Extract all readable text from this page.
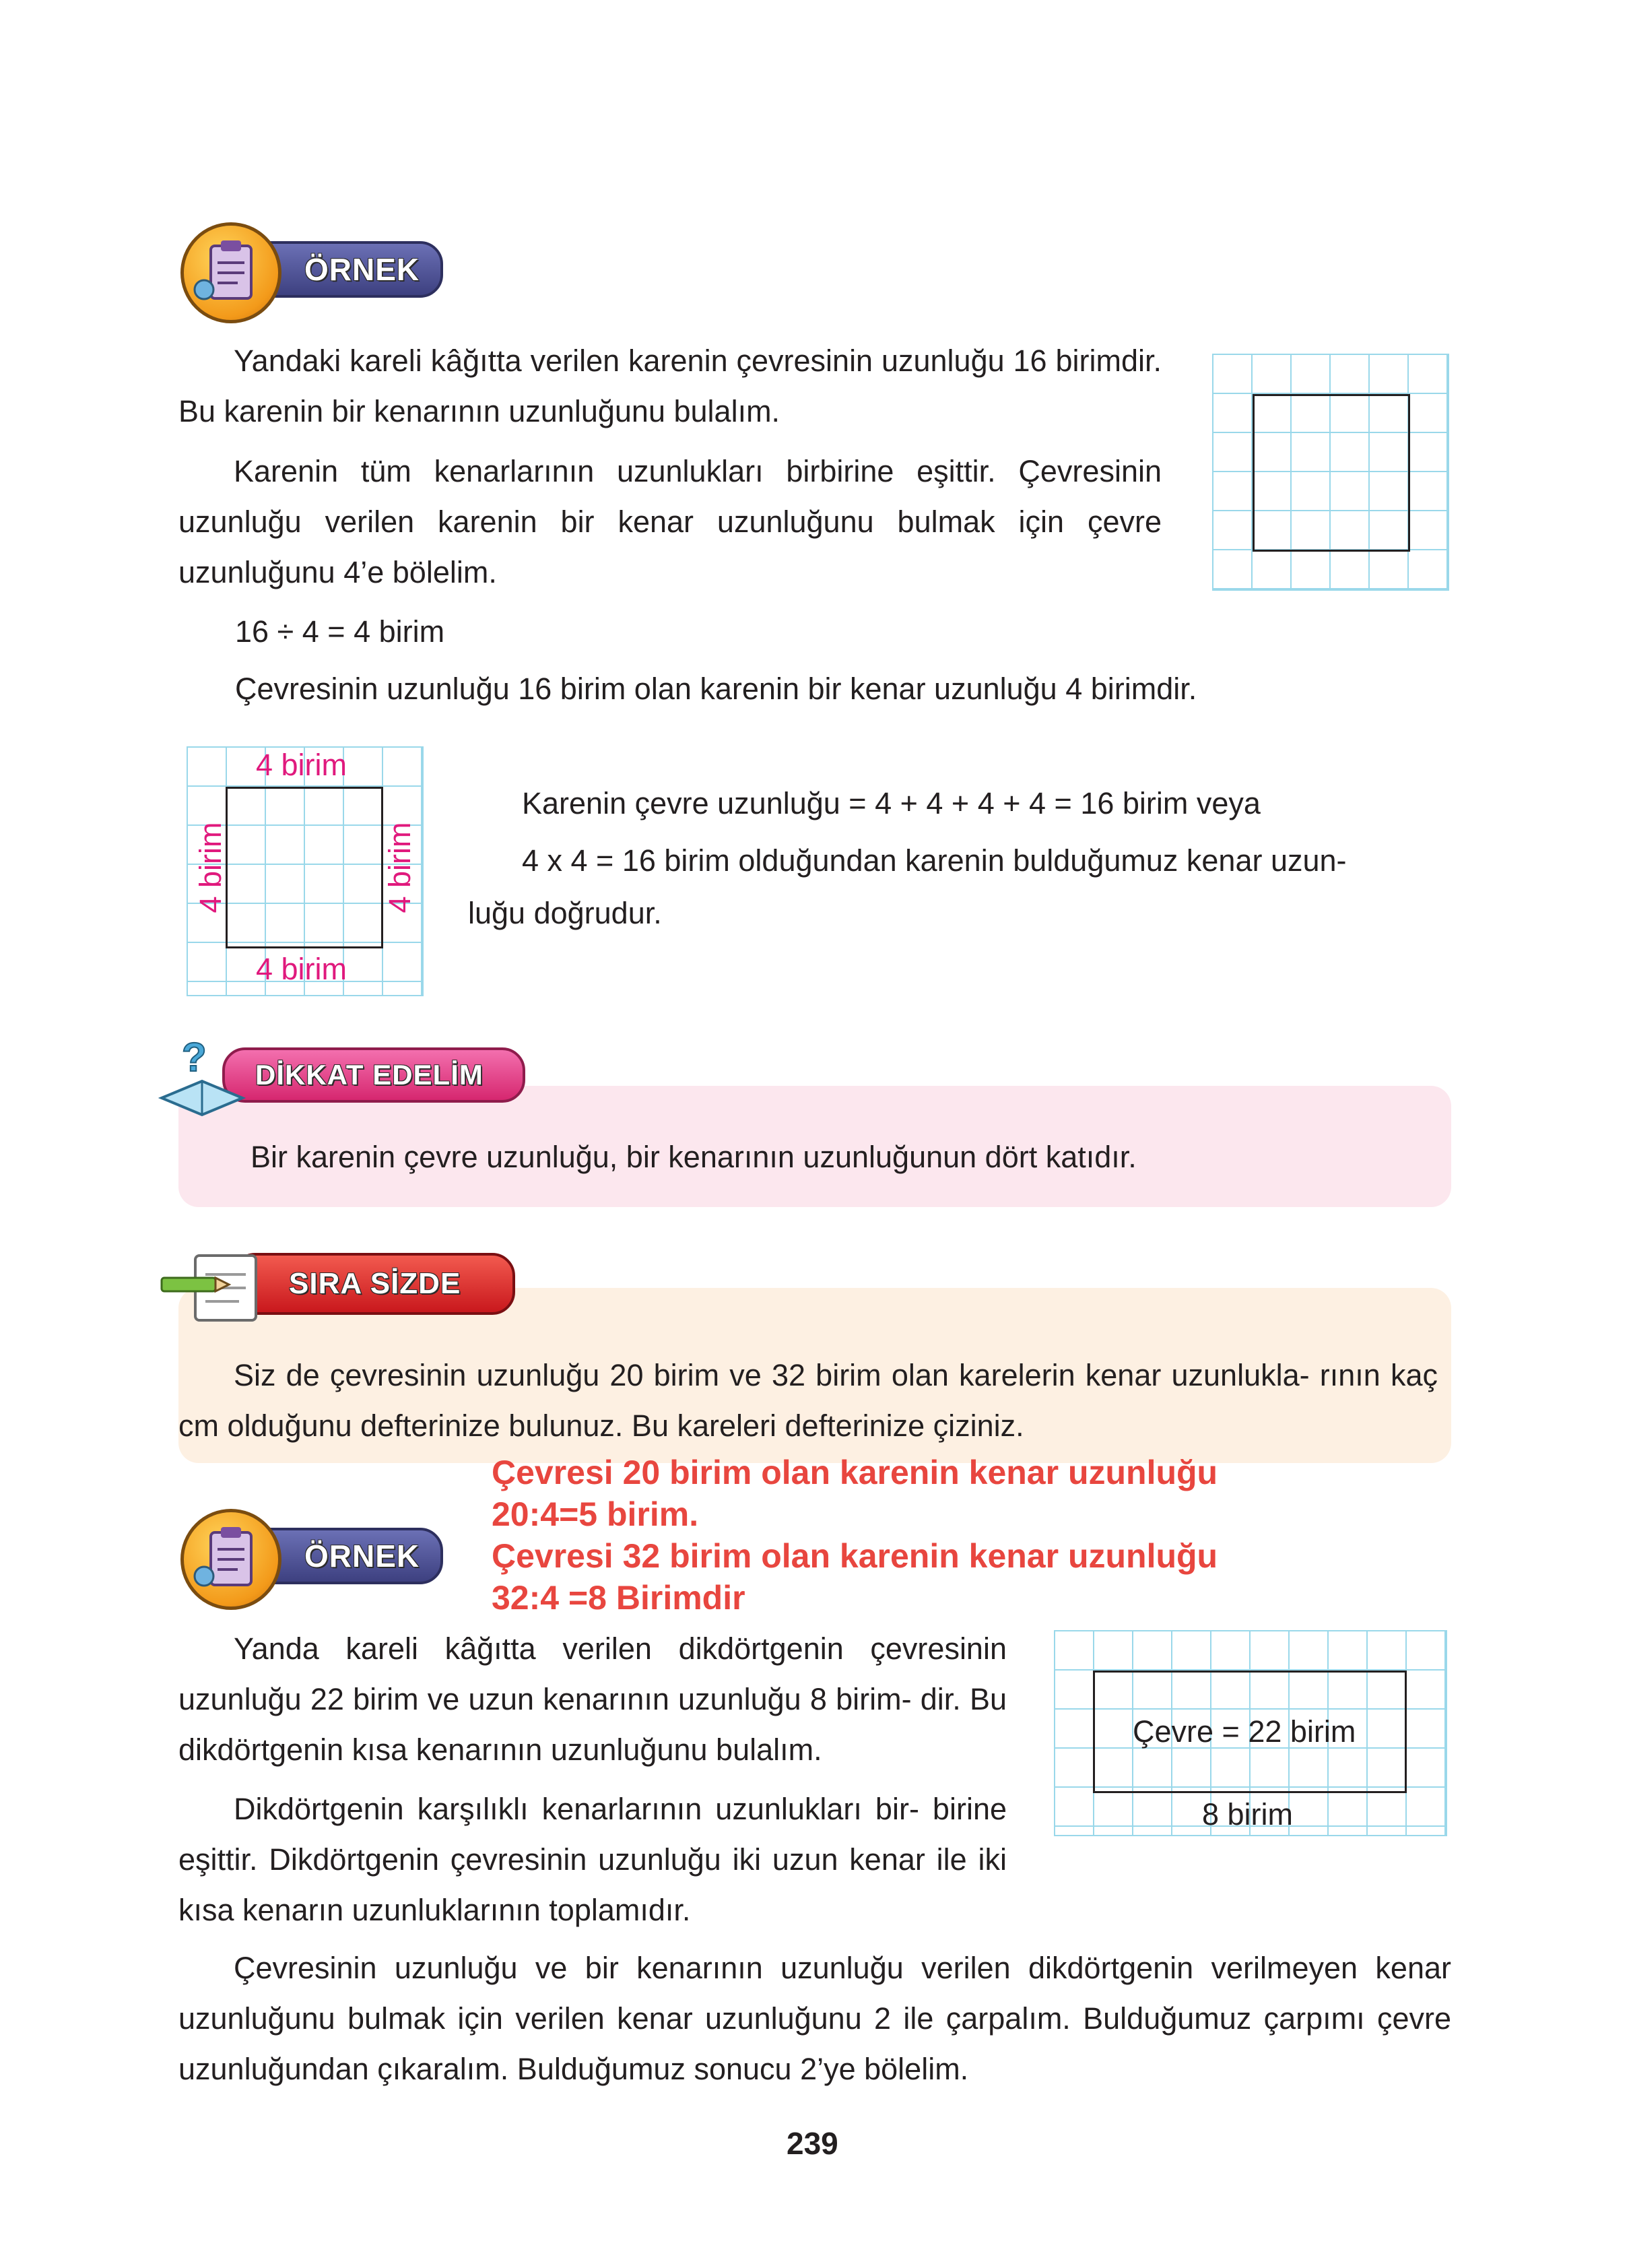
ÖRNEK

Yandaki kareli kâğıtta verilen karenin çevresinin uzunluğu 16 birimdir. Bu karenin bir kenarının uzunluğunu bulalım.

Karenin tüm kenarlarının uzunlukları birbirine eşittir. Çevresinin uzunluğu verilen karenin bir kenar uzunluğunu bulmak için çevre uzunluğunu 4’e bölelim.

16 ÷ 4 = 4 birim
Çevresinin uzunluğu 16 birim olan karenin bir kenar uzunluğu 4 birimdir.
4 birim
4 birim
4 birim	4 birim
Karenin çevre uzunluğu = 4 + 4 + 4 + 4 = 16 birim veya
4 x 4 = 16 birim olduğundan karenin bulduğumuz kenar uzun-
luğu doğrudur.
DİKKAT EDELİM
?
Bir karenin çevre uzunluğu, bir kenarının uzunluğunun dört katıdır.
SIRA SİZDE

Siz de çevresinin uzunluğu 20 birim ve 32 birim olan karelerin kenar uzunlukla- rının kaç cm olduğunu defterinize bulunuz. Bu kareleri defterinize çiziniz.

Çevresi 20 birim olan karenin kenar uzunluğu
20:4=5 birim.
Çevresi 32 birim olan karenin kenar uzunluğu
32:4 =8 Birimdir
ÖRNEK

Yanda kareli kâğıtta verilen dikdörtgenin çevresinin uzunluğu 22 birim ve uzun kenarının uzunluğu 8 birim- dir. Bu dikdörtgenin kısa kenarının uzunluğunu bulalım.

Dikdörtgenin karşılıklı kenarlarının uzunlukları bir- birine eşittir. Dikdörtgenin çevresinin uzunluğu iki uzun kenar ile iki kısa kenarın uzunluklarının toplamıdır.

Çevre = 22 birim
8 birim

Çevresinin uzunluğu ve bir kenarının uzunluğu verilen dikdörtgenin verilmeyen kenar uzunluğunu bulmak için verilen kenar uzunluğunu 2 ile çarpalım. Bulduğumuz çarpımı çevre uzunluğundan çıkaralım. Bulduğumuz sonucu 2’ye bölelim.

239
